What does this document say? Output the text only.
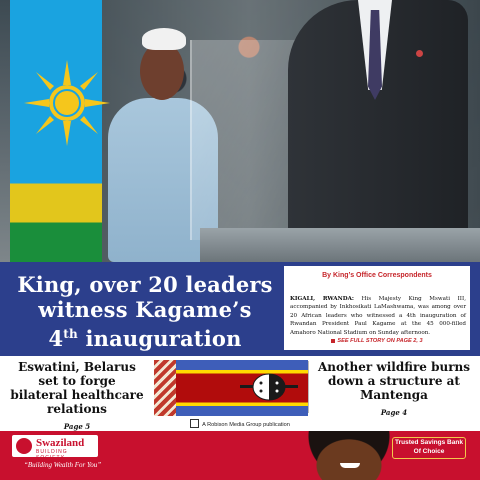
King, over 20 leaders
witness Kagame’s
4th inauguration
By King’s Office Correspondents
KIGALI, RWANDA: His Majesty King Mswati III, accompanied by Inkhosikati LaMashwama, was among over 20 African leaders who witnessed a 4th inauguration of Rwandan President Paul Kagame at the 45 000-filled Amahoro National Stadium on Sunday afternoon.
SEE FULL STORY ON PAGE 2, 3
Eswatini, Belarus set to forge bilateral healthcare relations
Page 5
Another wildfire burns down a structure at Mantenga
Page 4
A Robison Media Group publication
Swaziland
BUILDING SOCIETY
“Building Wealth For You”
Trusted Savings Bank Of Choice
